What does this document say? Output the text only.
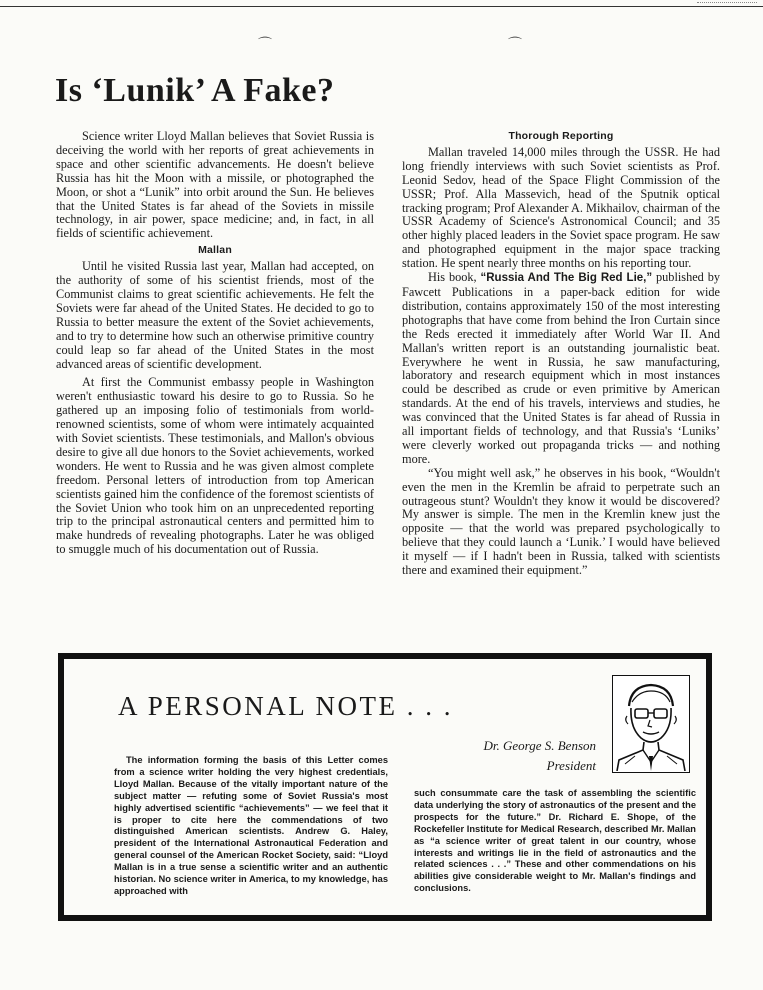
⌒	⌒
Is ‘Lunik’ A Fake?

Science writer Lloyd Mallan believes that Soviet Russia is deceiving the world with her reports of great achievements in space and other scientific advancements. He doesn't believe Russia has hit the Moon with a missile, or photographed the Moon, or shot a “Lunik” into orbit around the Sun. He believes that the United States is far ahead of the Soviets in missile technology, in air power, space medicine; and, in fact, in all fields of scientific achievement.

Mallan

Until he visited Russia last year, Mallan had accepted, on the authority of some of his scientist friends, most of the Communist claims to great scientific achievements. He felt the Soviets were far ahead of the United States. He decided to go to Russia to better measure the extent of the Soviet achievements, and to try to determine how such an otherwise primitive country could leap so far ahead of the United States in the most advanced areas of scientific development.

At first the Communist embassy people in Washington weren't enthusiastic toward his desire to go to Russia. So he gathered up an imposing folio of testimonials from world-renowned scientists, some of whom were intimately acquainted with Soviet scientists. These testimonials, and Mallon's obvious desire to give all due honors to the Soviet achievements, worked wonders. He went to Russia and he was given almost complete freedom. Personal letters of introduction from top American scientists gained him the confidence of the foremost scientists of the Soviet Union who took him on an unprecedented reporting trip to the principal astronautical centers and permitted him to make hundreds of revealing photographs. Later he was obliged to smuggle much of his documentation out of Russia.

Thorough Reporting

Mallan traveled 14,000 miles through the USSR. He had long friendly interviews with such Soviet scientists as Prof. Leonid Sedov, head of the Space Flight Commission of the USSR; Prof. Alla Massevich, head of the Sputnik optical tracking program; Prof Alexander A. Mikhailov, chairman of the USSR Academy of Science's Astronomical Council; and 35 other highly placed leaders in the Soviet space program. He saw and photographed equipment in the major space tracking station. He spent nearly three months on his reporting tour.

His book, “Russia And The Big Red Lie,” published by Fawcett Publications in a paper-back edition for wide distribution, contains approximately 150 of the most interesting photographs that have come from behind the Iron Curtain since the Reds erected it immediately after World War II. And Mallan's written report is an outstanding journalistic beat. Everywhere he went in Russia, he saw manufacturing, laboratory and research equipment which in most instances could be described as crude or even primitive by American standards. At the end of his travels, interviews and studies, he was convinced that the United States is far ahead of Russia in all important fields of technology, and that Russia's ‘Luniks’ were cleverly worked out propaganda tricks — and nothing more.

“You might well ask,” he observes in his book, “Wouldn't even the men in the Kremlin be afraid to perpetrate such an outrageous stunt? Wouldn't they know it would be discovered? My answer is simple. The men in the Kremlin knew just the opposite — that the world was prepared psychologically to believe that they could launch a ‘Lunik.’ I would have believed it myself — if I hadn't been in Russia, talked with scientists there and examined their equipment.”

A PERSONAL NOTE . . .
Dr. George S. Benson
President
The information forming the basis of this Letter comes from a science writer holding the very highest credentials, Lloyd Mallan. Because of the vitally important nature of the subject matter — refuting some of Soviet Russia's most highly advertised scientific “achievements” — we feel that it is proper to cite here the commendations of two distinguished American scientists. Andrew G. Haley, president of the International Astronautical Federation and general counsel of the American Rocket Society, said: “Lloyd Mallan is in a true sense a scientific writer and an authentic historian. No science writer in America, to my knowledge, has approached with
such consummate care the task of assembling the scientific data underlying the story of astronautics of the present and the prospects for the future.” Dr. Richard E. Shope, of the Rockefeller Institute for Medical Research, described Mr. Mallan as “a science writer of great talent in our country, whose interests and writings lie in the field of astronautics and the related sciences . . .” These and other commendations on his abilities give considerable weight to Mr. Mallan's findings and conclusions.
